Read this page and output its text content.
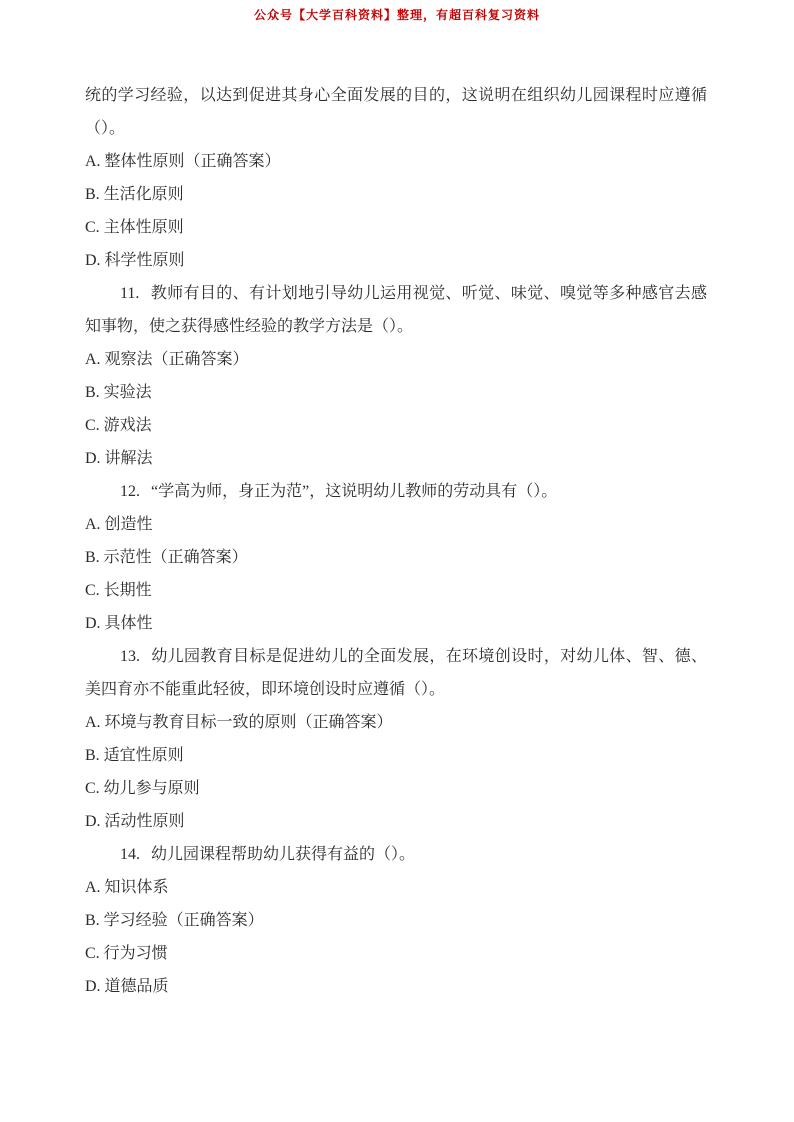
公众号【大学百科资料】整理，有超百科复习资料

统的学习经验，以达到促进其身心全面发展的目的，这说明在组织幼儿园课程时应遵循（）。

A. 整体性原则（正确答案）

B. 生活化原则

C. 主体性原则

D. 科学性原则

11. 教师有目的、有计划地引导幼儿运用视觉、听觉、味觉、嗅觉等多种感官去感知事物，使之获得感性经验的教学方法是（）。

A. 观察法（正确答案）

B. 实验法

C. 游戏法

D. 讲解法

12. “学高为师，身正为范”，这说明幼儿教师的劳动具有（）。

A. 创造性

B. 示范性（正确答案）

C. 长期性

D. 具体性

13. 幼儿园教育目标是促进幼儿的全面发展，在环境创设时，对幼儿体、智、德、美四育亦不能重此轻彼，即环境创设时应遵循（）。

A. 环境与教育目标一致的原则（正确答案）

B. 适宜性原则

C. 幼儿参与原则

D. 活动性原则

14. 幼儿园课程帮助幼儿获得有益的（）。

A. 知识体系

B. 学习经验（正确答案）

C. 行为习惯

D. 道德品质
